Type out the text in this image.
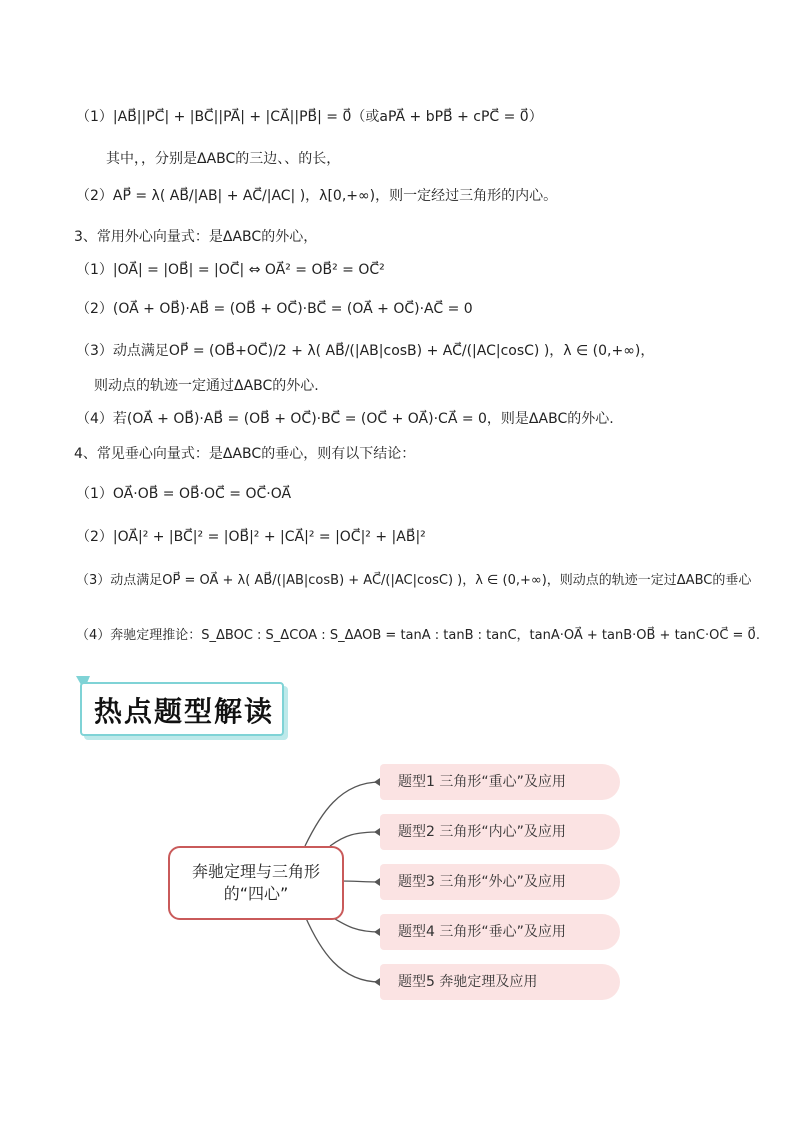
（1）|AB⃗||PC⃗| + |BC⃗||PA⃗| + |CA⃗||PB⃗| = 0⃗（或aPA⃗ + bPB⃗ + cPC⃗ = 0⃗）
其中，，分别是ΔABC的三边、、的长，
（2）AP⃗ = λ( AB⃗/|AB| + AC⃗/|AC| )，λ[0,+∞)，则一定经过三角形的内心。
3、常用外心向量式：是ΔABC的外心，
（1）|OA⃗| = |OB⃗| = |OC⃗| ⇔ OA⃗² = OB⃗² = OC⃗²
（2）(OA⃗ + OB⃗)·AB⃗ = (OB⃗ + OC⃗)·BC⃗ = (OA⃗ + OC⃗)·AC⃗ = 0
（3）动点满足OP⃗ = (OB⃗+OC⃗)/2 + λ( AB⃗/(|AB|cosB) + AC⃗/(|AC|cosC) )，λ ∈ (0,+∞)，
则动点的轨迹一定通过ΔABC的外心.
（4）若(OA⃗ + OB⃗)·AB⃗ = (OB⃗ + OC⃗)·BC⃗ = (OC⃗ + OA⃗)·CA⃗ = 0，则是ΔABC的外心.
4、常见垂心向量式：是ΔABC的垂心，则有以下结论：
（1）OA⃗·OB⃗ = OB⃗·OC⃗ = OC⃗·OA⃗
（2）|OA⃗|² + |BC⃗|² = |OB⃗|² + |CA⃗|² = |OC⃗|² + |AB⃗|²
（3）动点满足OP⃗ = OA⃗ + λ( AB⃗/(|AB|cosB) + AC⃗/(|AC|cosC) )，λ ∈ (0,+∞)，则动点的轨迹一定过ΔABC的垂心
（4）奔驰定理推论：S_ΔBOC : S_ΔCOA : S_ΔAOB = tanA : tanB : tanC，tanA·OA⃗ + tanB·OB⃗ + tanC·OC⃗ = 0⃗.
热点题型解读
奔驰定理与三角形的“四心”
题型1 三角形“重心”及应用
题型2 三角形“内心”及应用
题型3 三角形“外心”及应用
题型4 三角形“垂心”及应用
题型5 奔驰定理及应用
